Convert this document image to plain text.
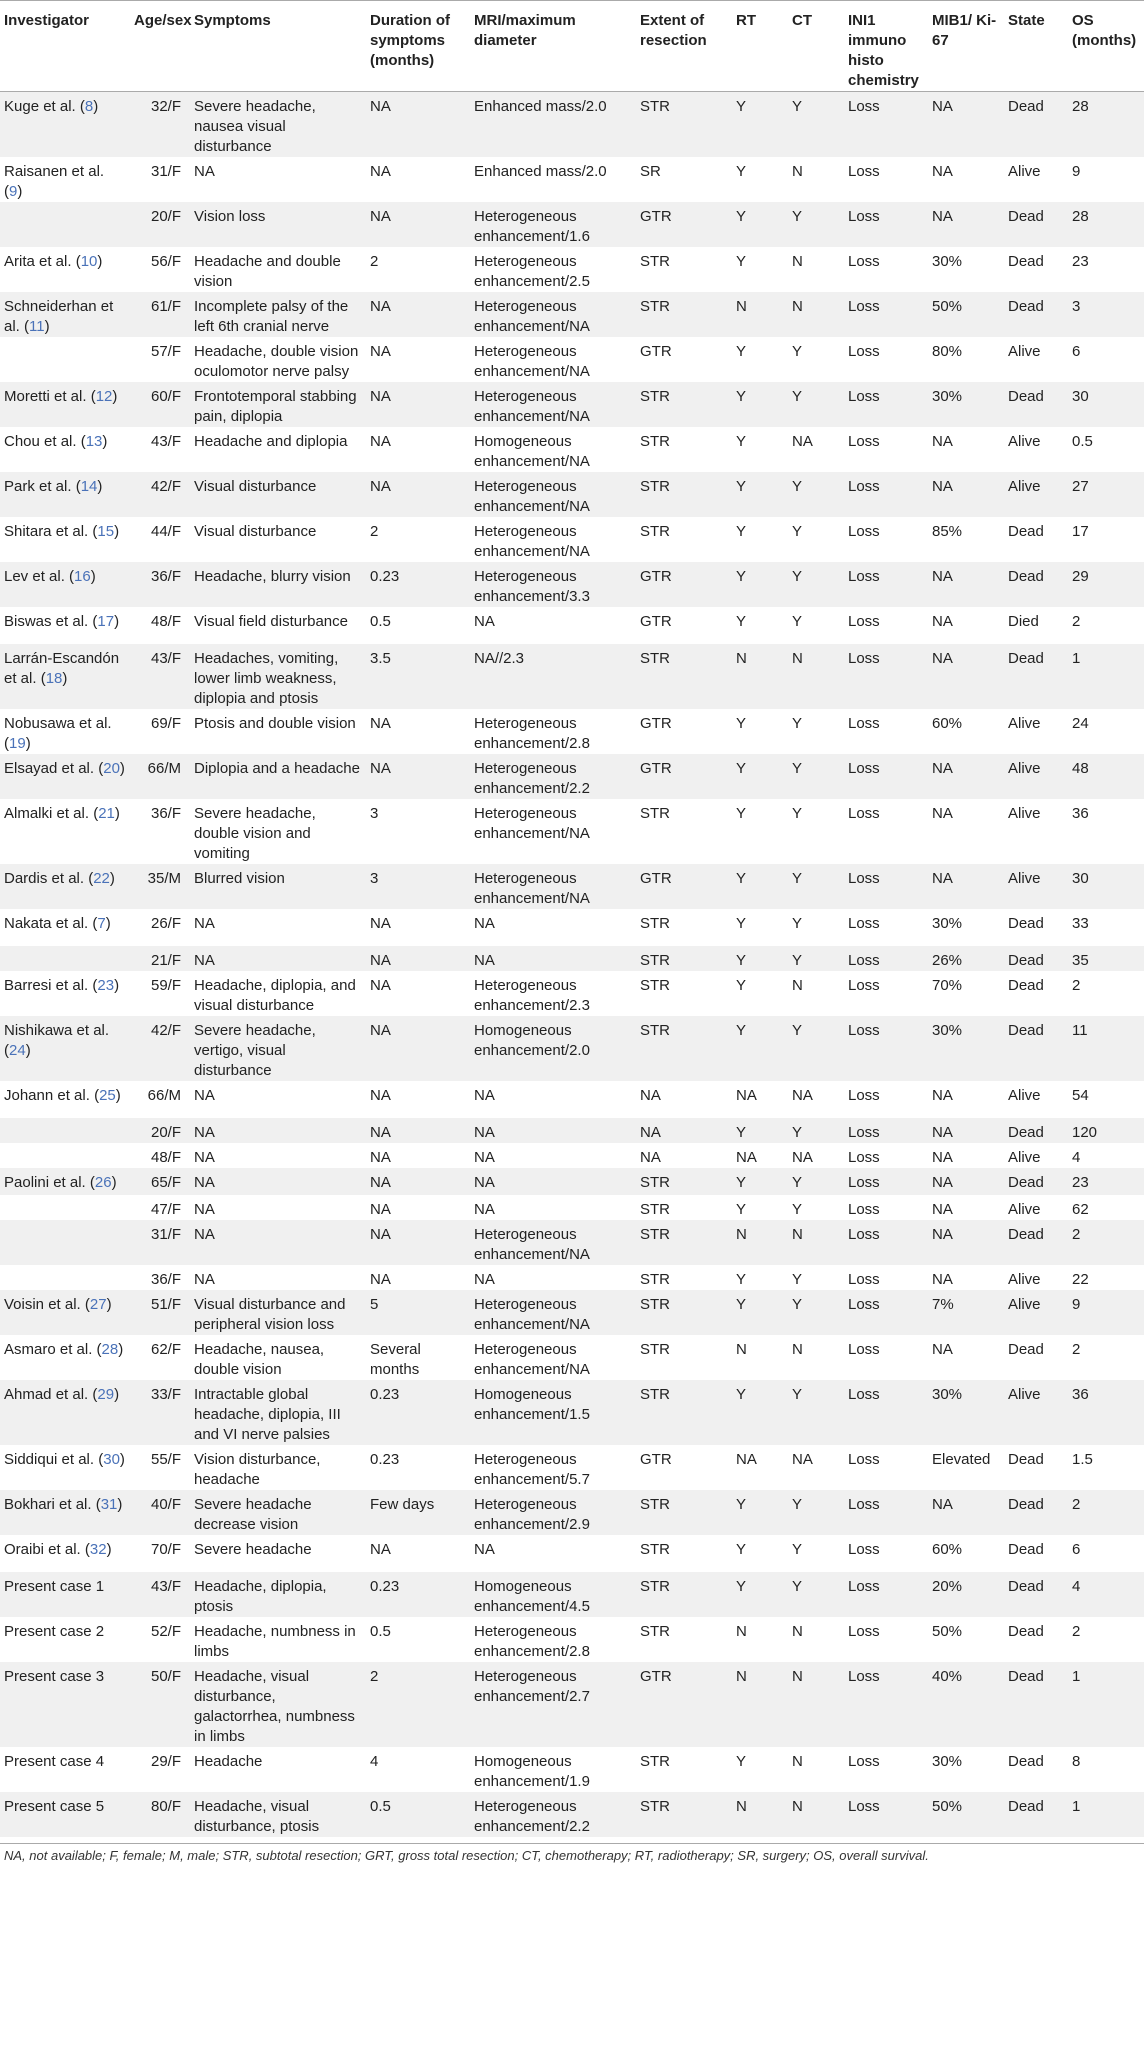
Investigator	Age/sex	Symptoms	Duration of symptoms (months)	MRI/maximum diameter	Extent of resection	RT	CT	INI1 immuno histo chemistry	MIB1/ Ki-67	State	OS (months)
Kuge et al. (8)	32/F	Severe headache, nausea visual disturbance	NA	Enhanced mass/2.0	STR	Y	Y	Loss	NA	Dead	28
Raisanen et al. (9)	31/F	NA	NA	Enhanced mass/2.0	SR	Y	N	Loss	NA	Alive	9
	20/F	Vision loss	NA	Heterogeneous enhancement/1.6	GTR	Y	Y	Loss	NA	Dead	28
Arita et al. (10)	56/F	Headache and double vision	2	Heterogeneous enhancement/2.5	STR	Y	N	Loss	30%	Dead	23
Schneiderhan et al. (11)	61/F	Incomplete palsy of the left 6th cranial nerve	NA	Heterogeneous enhancement/NA	STR	N	N	Loss	50%	Dead	3
	57/F	Headache, double vision oculomotor nerve palsy	NA	Heterogeneous enhancement/NA	GTR	Y	Y	Loss	80%	Alive	6
Moretti et al. (12)	60/F	Frontotemporal stabbing pain, diplopia	NA	Heterogeneous enhancement/NA	STR	Y	Y	Loss	30%	Dead	30
Chou et al. (13)	43/F	Headache and diplopia	NA	Homogeneous enhancement/NA	STR	Y	NA	Loss	NA	Alive	0.5
Park et al. (14)	42/F	Visual disturbance	NA	Heterogeneous enhancement/NA	STR	Y	Y	Loss	NA	Alive	27
Shitara et al. (15)	44/F	Visual disturbance	2	Heterogeneous enhancement/NA	STR	Y	Y	Loss	85%	Dead	17
Lev et al. (16)	36/F	Headache, blurry vision	0.23	Heterogeneous enhancement/3.3	GTR	Y	Y	Loss	NA	Dead	29
Biswas et al. (17)	48/F	Visual field disturbance	0.5	NA	GTR	Y	Y	Loss	NA	Died	2
Larrán-Escandón et al. (18)	43/F	Headaches, vomiting, lower limb weakness, diplopia and ptosis	3.5	NA//2.3	STR	N	N	Loss	NA	Dead	1
Nobusawa et al. (19)	69/F	Ptosis and double vision	NA	Heterogeneous enhancement/2.8	GTR	Y	Y	Loss	60%	Alive	24
Elsayad et al. (20)	66/M	Diplopia and a headache	NA	Heterogeneous enhancement/2.2	GTR	Y	Y	Loss	NA	Alive	48
Almalki et al. (21)	36/F	Severe headache, double vision and vomiting	3	Heterogeneous enhancement/NA	STR	Y	Y	Loss	NA	Alive	36
Dardis et al. (22)	35/M	Blurred vision	3	Heterogeneous enhancement/NA	GTR	Y	Y	Loss	NA	Alive	30
Nakata et al. (7)	26/F	NA	NA	NA	STR	Y	Y	Loss	30%	Dead	33
	21/F	NA	NA	NA	STR	Y	Y	Loss	26%	Dead	35
Barresi et al. (23)	59/F	Headache, diplopia, and visual disturbance	NA	Heterogeneous enhancement/2.3	STR	Y	N	Loss	70%	Dead	2
Nishikawa et al. (24)	42/F	Severe headache, vertigo, visual disturbance	NA	Homogeneous enhancement/2.0	STR	Y	Y	Loss	30%	Dead	11
Johann et al. (25)	66/M	NA	NA	NA	NA	NA	NA	Loss	NA	Alive	54
	20/F	NA	NA	NA	NA	Y	Y	Loss	NA	Dead	120
	48/F	NA	NA	NA	NA	NA	NA	Loss	NA	Alive	4
Paolini et al. (26)	65/F	NA	NA	NA	STR	Y	Y	Loss	NA	Dead	23
	47/F	NA	NA	NA	STR	Y	Y	Loss	NA	Alive	62
	31/F	NA	NA	Heterogeneous enhancement/NA	STR	N	N	Loss	NA	Dead	2
	36/F	NA	NA	NA	STR	Y	Y	Loss	NA	Alive	22
Voisin et al. (27)	51/F	Visual disturbance and peripheral vision loss	5	Heterogeneous enhancement/NA	STR	Y	Y	Loss	7%	Alive	9
Asmaro et al. (28)	62/F	Headache, nausea, double vision	Several months	Heterogeneous enhancement/NA	STR	N	N	Loss	NA	Dead	2
Ahmad et al. (29)	33/F	Intractable global headache, diplopia, III and VI nerve palsies	0.23	Homogeneous enhancement/1.5	STR	Y	Y	Loss	30%	Alive	36
Siddiqui et al. (30)	55/F	Vision disturbance, headache	0.23	Heterogeneous enhancement/5.7	GTR	NA	NA	Loss	Elevated	Dead	1.5
Bokhari et al. (31)	40/F	Severe headache decrease vision	Few days	Heterogeneous enhancement/2.9	STR	Y	Y	Loss	NA	Dead	2
Oraibi et al. (32)	70/F	Severe headache	NA	NA	STR	Y	Y	Loss	60%	Dead	6
Present case 1	43/F	Headache, diplopia, ptosis	0.23	Homogeneous enhancement/4.5	STR	Y	Y	Loss	20%	Dead	4
Present case 2	52/F	Headache, numbness in limbs	0.5	Heterogeneous enhancement/2.8	STR	N	N	Loss	50%	Dead	2
Present case 3	50/F	Headache, visual disturbance, galactorrhea, numbness in limbs	2	Heterogeneous enhancement/2.7	GTR	N	N	Loss	40%	Dead	1
Present case 4	29/F	Headache	4	Homogeneous enhancement/1.9	STR	Y	N	Loss	30%	Dead	8
Present case 5	80/F	Headache, visual disturbance, ptosis	0.5	Heterogeneous enhancement/2.2	STR	N	N	Loss	50%	Dead	1
NA, not available; F, female; M, male; STR, subtotal resection; GRT, gross total resection; CT, chemotherapy; RT, radiotherapy; SR, surgery; OS, overall survival.
